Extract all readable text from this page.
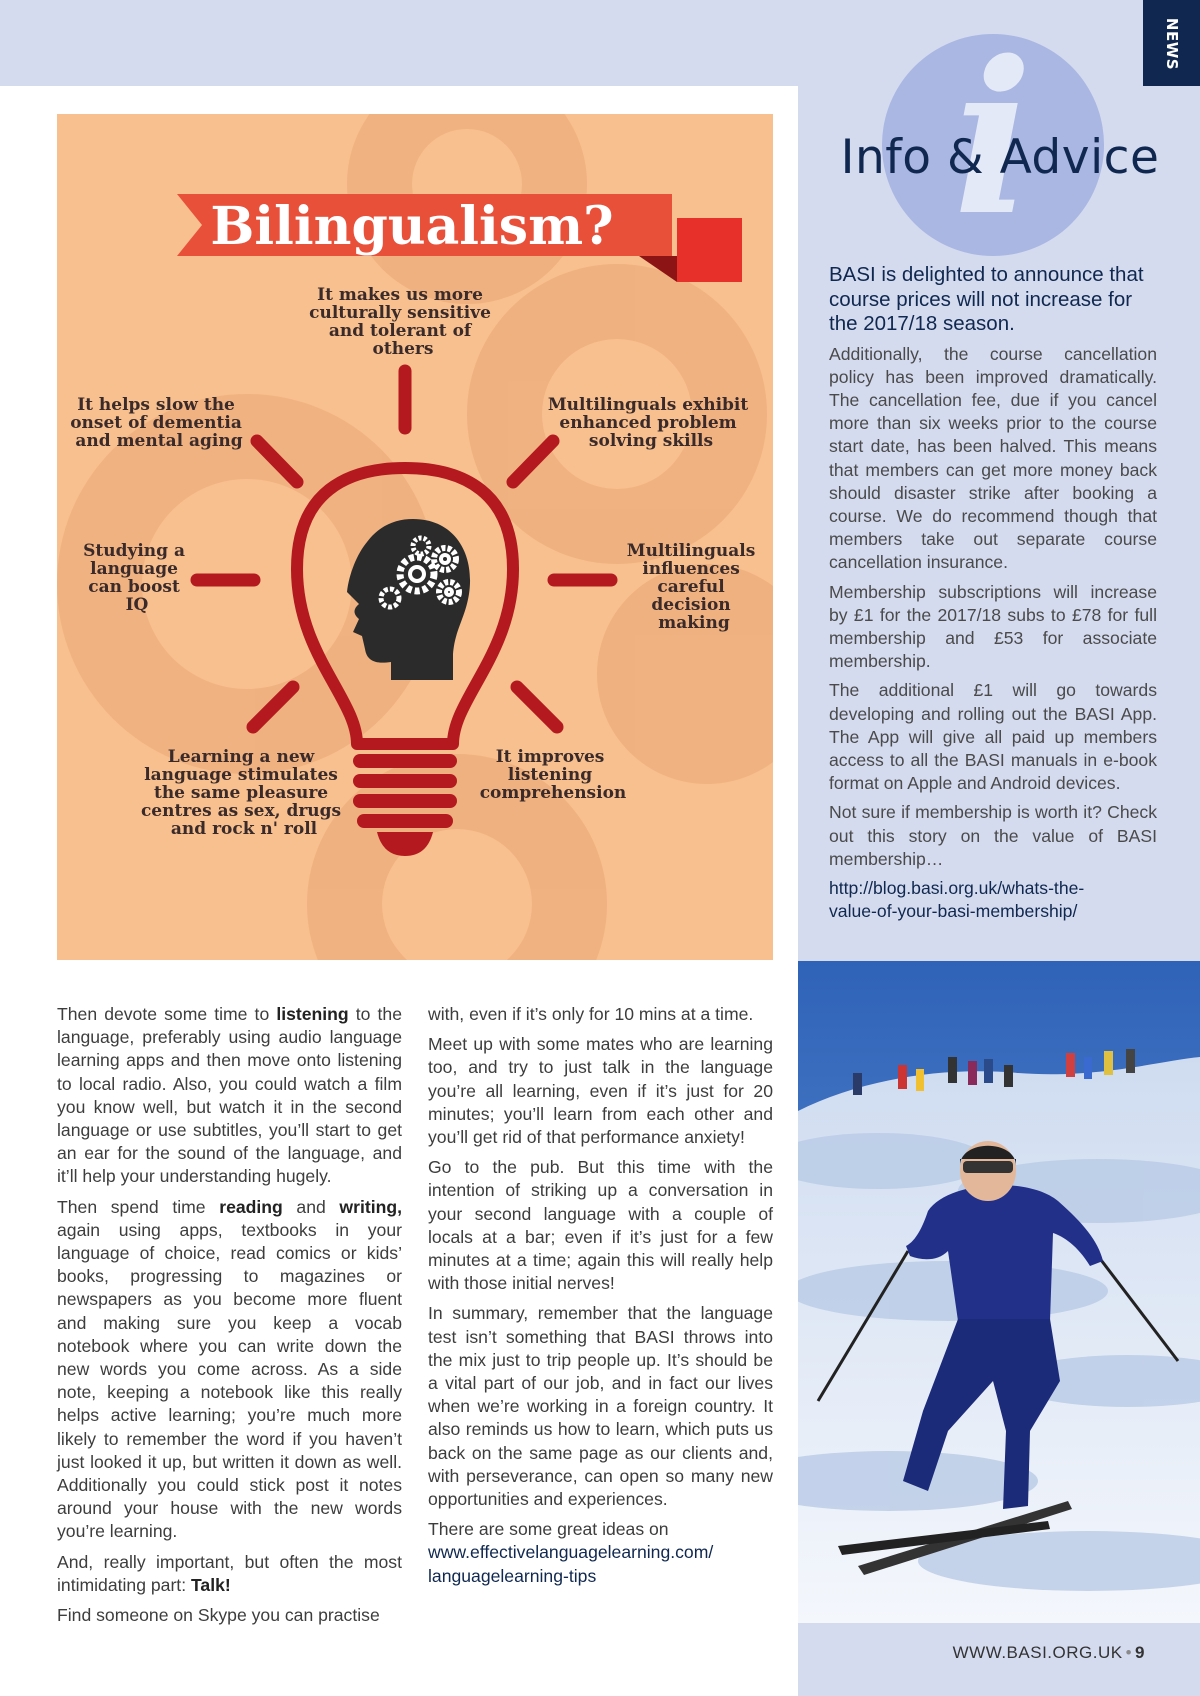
NEWS
i
Info & Advice

BASI is delighted to announce that course prices will not increase for the 2017/18 season.

Additionally, the course cancellation policy has been improved dramatically. The cancellation fee, due if you cancel more than six weeks prior to the course start date, has been halved. This means that members can get more money back should disaster strike after booking a course. We do recommend though that members take out separate course cancellation insurance.

Membership subscriptions will increase by £1 for the 2017/18 subs to £78 for full membership and £53 for associate membership.

The additional £1 will go towards developing and rolling out the BASI App. The App will give all paid up members access to all the BASI manuals in e-book format on Apple and Android devices.

Not sure if membership is worth it? Check out this story on the value of BASI membership…

http://blog.basi.org.uk/whats-the-
value-of-your-basi-membership/

Bilingualism?
It makes us more culturally sensitive and tolerant of others
It helps slow the onset of dementia and mental aging
Multilinguals exhibit enhanced problem solving skills
Studying a language can boost IQ
Multilinguals influences careful decision making
Learning a new language stimulates the same pleasure centres as sex, drugs and rock n' roll
It improves listening comprehension

Then devote some time to listening to the language, preferably using audio language learning apps and then move onto listening to local radio. Also, you could watch a film you know well, but watch it in the second language or use subtitles, you’ll start to get an ear for the sound of the language, and it’ll help your understanding hugely.

Then spend time reading and writing, again using apps, textbooks in your language of choice, read comics or kids’ books, progressing to magazines or newspapers as you become more fluent and making sure you keep a vocab notebook where you can write down the new words you come across. As a side note, keeping a notebook like this really helps active learning; you’re much more likely to remember the word if you haven’t just looked it up, but written it down as well. Additionally you could stick post it notes around your house with the new words you’re learning.

And, really important, but often the most intimidating part: Talk!

Find someone on Skype you can practise

with, even if it’s only for 10 mins at a time.

Meet up with some mates who are learning too, and try to just talk in the language you’re all learning, even if it’s just for 20 minutes; you’ll learn from each other and you’ll get rid of that performance anxiety!

Go to the pub. But this time with the intention of striking up a conversation in your second language with a couple of locals at a bar; even if it’s just for a few minutes at a time; again this will really help with those initial nerves!

In summary, remember that the language test isn’t something that BASI throws into the mix just to trip people up. It’s should be a vital part of our job, and in fact our lives when we’re working in a foreign country. It also reminds us how to learn, which puts us back on the same page as our clients and, with perseverance, can open so many new opportunities and experiences.

There are some great ideas on

www.effectivelanguagelearning.com/
languagelearning-tips

WWW.BASI.ORG.UK • 9
